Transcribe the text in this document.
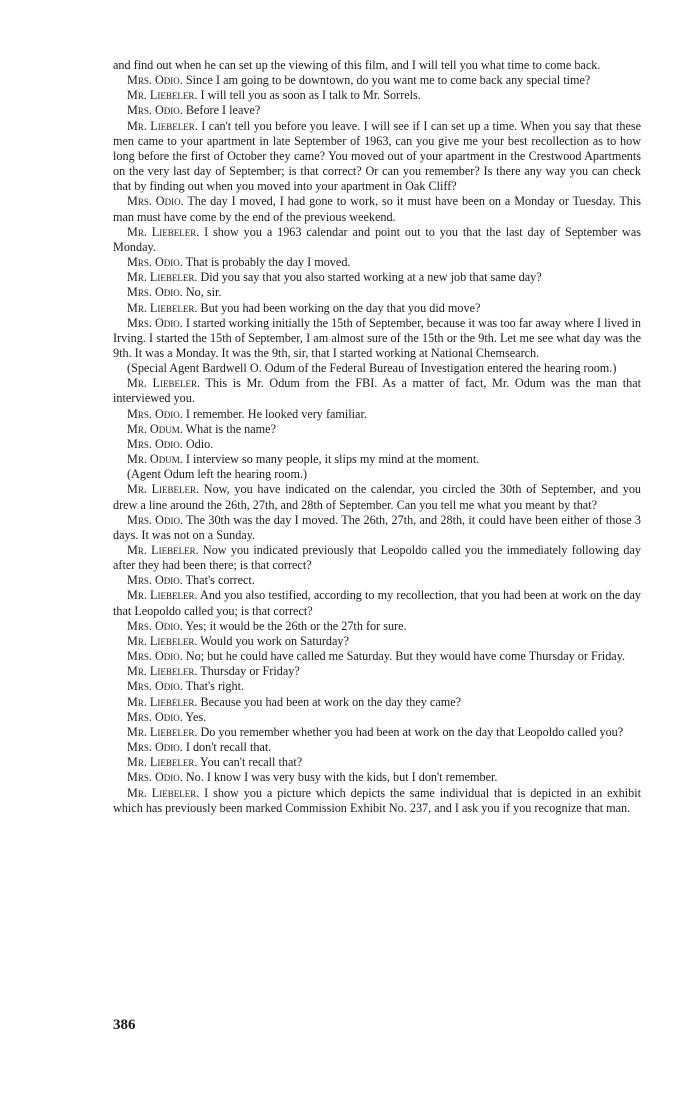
and find out when he can set up the viewing of this film, and I will tell you what time to come back.

Mrs. Odio. Since I am going to be downtown, do you want me to come back any special time?

Mr. Liebeler. I will tell you as soon as I talk to Mr. Sorrels.

Mrs. Odio. Before I leave?

Mr. Liebeler. I can't tell you before you leave. I will see if I can set up a time. When you say that these men came to your apartment in late September of 1963, can you give me your best recollection as to how long before the first of October they came? You moved out of your apartment in the Crestwood Apartments on the very last day of September; is that correct? Or can you remember? Is there any way you can check that by finding out when you moved into your apartment in Oak Cliff?

Mrs. Odio. The day I moved, I had gone to work, so it must have been on a Monday or Tuesday. This man must have come by the end of the previous weekend.

Mr. Liebeler. I show you a 1963 calendar and point out to you that the last day of September was Monday.

Mrs. Odio. That is probably the day I moved.

Mr. Liebeler. Did you say that you also started working at a new job that same day?

Mrs. Odio. No, sir.

Mr. Liebeler. But you had been working on the day that you did move?

Mrs. Odio. I started working initially the 15th of September, because it was too far away where I lived in Irving. I started the 15th of September, I am almost sure of the 15th or the 9th. Let me see what day was the 9th. It was a Monday. It was the 9th, sir, that I started working at National Chemsearch.

(Special Agent Bardwell O. Odum of the Federal Bureau of Investigation entered the hearing room.)

Mr. Liebeler. This is Mr. Odum from the FBI. As a matter of fact, Mr. Odum was the man that interviewed you.

Mrs. Odio. I remember. He looked very familiar.

Mr. Odum. What is the name?

Mrs. Odio. Odio.

Mr. Odum. I interview so many people, it slips my mind at the moment.

(Agent Odum left the hearing room.)

Mr. Liebeler. Now, you have indicated on the calendar, you circled the 30th of September, and you drew a line around the 26th, 27th, and 28th of September. Can you tell me what you meant by that?

Mrs. Odio. The 30th was the day I moved. The 26th, 27th, and 28th, it could have been either of those 3 days. It was not on a Sunday.

Mr. Liebeler. Now you indicated previously that Leopoldo called you the immediately following day after they had been there; is that correct?

Mrs. Odio. That's correct.

Mr. Liebeler. And you also testified, according to my recollection, that you had been at work on the day that Leopoldo called you; is that correct?

Mrs. Odio. Yes; it would be the 26th or the 27th for sure.

Mr. Liebeler. Would you work on Saturday?

Mrs. Odio. No; but he could have called me Saturday. But they would have come Thursday or Friday.

Mr. Liebeler. Thursday or Friday?

Mrs. Odio. That's right.

Mr. Liebeler. Because you had been at work on the day they came?

Mrs. Odio. Yes.

Mr. Liebeler. Do you remember whether you had been at work on the day that Leopoldo called you?

Mrs. Odio. I don't recall that.

Mr. Liebeler. You can't recall that?

Mrs. Odio. No. I know I was very busy with the kids, but I don't remember.

Mr. Liebeler. I show you a picture which depicts the same individual that is depicted in an exhibit which has previously been marked Commission Exhibit No. 237, and I ask you if you recognize that man.

386
